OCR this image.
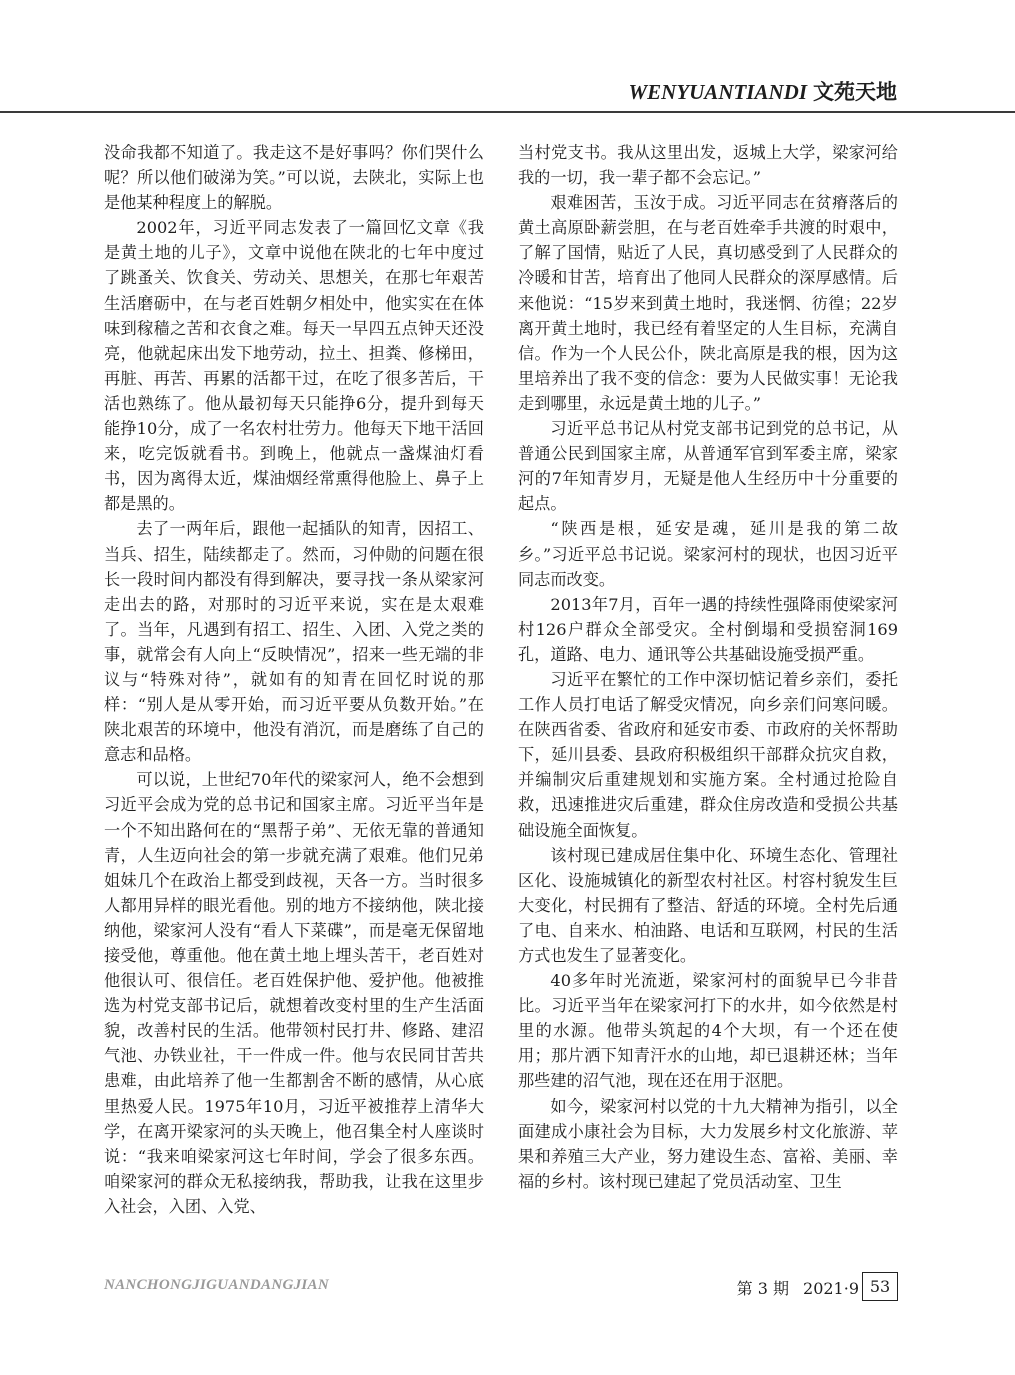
WENYUANTIANDI 文苑天地

没命我都不知道了。我走这不是好事吗？你们哭什么呢？所以他们破涕为笑。”可以说，去陕北，实际上也是他某种程度上的解脱。

2002年，习近平同志发表了一篇回忆文章《我是黄土地的儿子》，文章中说他在陕北的七年中度过了跳蚤关、饮食关、劳动关、思想关，在那七年艰苦生活磨砺中，在与老百姓朝夕相处中，他实实在在体味到稼穑之苦和衣食之难。每天一早四五点钟天还没亮，他就起床出发下地劳动，拉土、担粪、修梯田，再脏、再苦、再累的活都干过，在吃了很多苦后，干活也熟练了。他从最初每天只能挣6分，提升到每天能挣10分，成了一名农村壮劳力。他每天下地干活回来，吃完饭就看书。到晚上，他就点一盏煤油灯看书，因为离得太近，煤油烟经常熏得他脸上、鼻子上都是黑的。

去了一两年后，跟他一起插队的知青，因招工、当兵、招生，陆续都走了。然而，习仲勋的问题在很长一段时间内都没有得到解决，要寻找一条从梁家河走出去的路，对那时的习近平来说，实在是太艰难了。当年，凡遇到有招工、招生、入团、入党之类的事，就常会有人向上“反映情况”，招来一些无端的非议与“特殊对待”，就如有的知青在回忆时说的那样：“别人是从零开始，而习近平要从负数开始。”在陕北艰苦的环境中，他没有消沉，而是磨练了自己的意志和品格。

可以说，上世纪70年代的梁家河人，绝不会想到习近平会成为党的总书记和国家主席。习近平当年是一个不知出路何在的“黑帮子弟”、无依无靠的普通知青，人生迈向社会的第一步就充满了艰难。他们兄弟姐妹几个在政治上都受到歧视，天各一方。当时很多人都用异样的眼光看他。别的地方不接纳他，陕北接纳他，梁家河人没有“看人下菜碟”，而是毫无保留地接受他，尊重他。他在黄土地上埋头苦干，老百姓对他很认可、很信任。老百姓保护他、爱护他。他被推选为村党支部书记后，就想着改变村里的生产生活面貌，改善村民的生活。他带领村民打井、修路、建沼气池、办铁业社，干一件成一件。他与农民同甘苦共患难，由此培养了他一生都割舍不断的感情，从心底里热爱人民。1975年10月，习近平被推荐上清华大学，在离开梁家河的头天晚上，他召集全村人座谈时说：“我来咱梁家河这七年时间，学会了很多东西。咱梁家河的群众无私接纳我，帮助我，让我在这里步入社会，入团、入党、

当村党支书。我从这里出发，返城上大学，梁家河给我的一切，我一辈子都不会忘记。”

艰难困苦，玉汝于成。习近平同志在贫瘠落后的黄土高原卧薪尝胆，在与老百姓牵手共渡的时艰中，了解了国情，贴近了人民，真切感受到了人民群众的冷暖和甘苦，培育出了他同人民群众的深厚感情。后来他说：“15岁来到黄土地时，我迷惘、彷徨；22岁离开黄土地时，我已经有着坚定的人生目标，充满自信。作为一个人民公仆，陕北高原是我的根，因为这里培养出了我不变的信念：要为人民做实事！无论我走到哪里，永远是黄土地的儿子。”

习近平总书记从村党支部书记到党的总书记，从普通公民到国家主席，从普通军官到军委主席，梁家河的7年知青岁月，无疑是他人生经历中十分重要的起点。

“陕西是根，延安是魂，延川是我的第二故乡。”习近平总书记说。梁家河村的现状，也因习近平同志而改变。

2013年7月，百年一遇的持续性强降雨使梁家河村126户群众全部受灾。全村倒塌和受损窑洞169孔，道路、电力、通讯等公共基础设施受损严重。

习近平在繁忙的工作中深切惦记着乡亲们，委托工作人员打电话了解受灾情况，向乡亲们问寒问暖。在陕西省委、省政府和延安市委、市政府的关怀帮助下，延川县委、县政府积极组织干部群众抗灾自救，并编制灾后重建规划和实施方案。全村通过抢险自救，迅速推进灾后重建，群众住房改造和受损公共基础设施全面恢复。

该村现已建成居住集中化、环境生态化、管理社区化、设施城镇化的新型农村社区。村容村貌发生巨大变化，村民拥有了整洁、舒适的环境。全村先后通了电、自来水、柏油路、电话和互联网，村民的生活方式也发生了显著变化。

40多年时光流逝，梁家河村的面貌早已今非昔比。习近平当年在梁家河打下的水井，如今依然是村里的水源。他带头筑起的4个大坝，有一个还在使用；那片洒下知青汗水的山地，却已退耕还林；当年那些建的沼气池，现在还在用于沤肥。

如今，梁家河村以党的十九大精神为指引，以全面建成小康社会为目标，大力发展乡村文化旅游、苹果和养殖三大产业，努力建设生态、富裕、美丽、幸福的乡村。该村现已建起了党员活动室、卫生

NANCHONGJIGUANDANGJIAN	第 3 期 2021·9 53
